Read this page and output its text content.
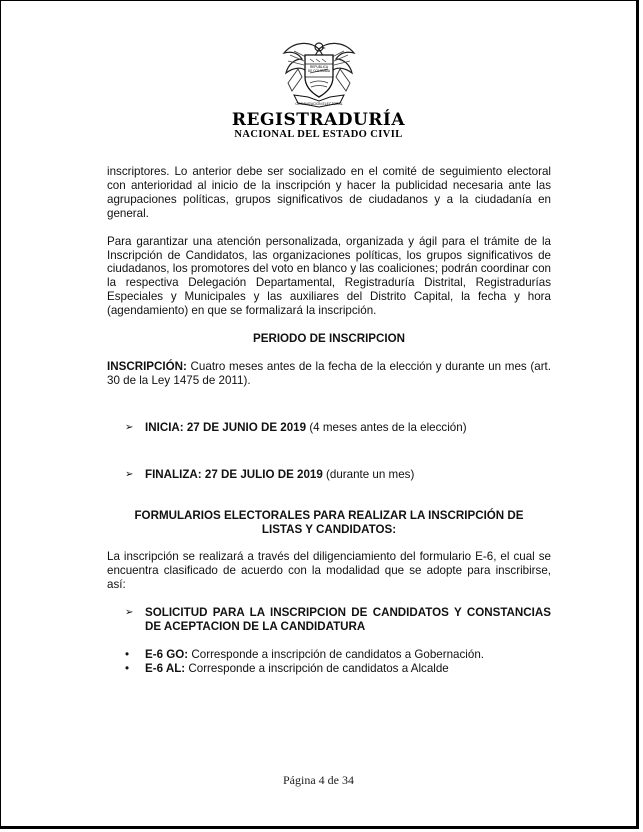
ORGANIZACION ELECTORAL
REPUBLICA
DE COLOMBIA
REGISTRADURÍA
NACIONAL DEL ESTADO CIVIL

inscriptores. Lo anterior debe ser socializado en el comité de seguimiento electoral con anterioridad al inicio de la inscripción y hacer la publicidad necesaria ante las agrupaciones políticas, grupos significativos de ciudadanos y a la ciudadanía en general.

Para garantizar una atención personalizada, organizada y ágil para el trámite de la Inscripción de Candidatos, las organizaciones políticas, los grupos significativos de ciudadanos, los promotores del voto en blanco y las coaliciones; podrán coordinar con la respectiva Delegación Departamental, Registraduría Distrital, Registradurías Especiales y Municipales y las auxiliares del Distrito Capital, la fecha y hora (agendamiento) en que se formalizará la inscripción.

PERIODO DE INSCRIPCION

INSCRIPCIÓN: Cuatro meses antes de la fecha de la elección y durante un mes (art. 30 de la Ley 1475 de 2011).

➢	INICIA: 27 DE JUNIO DE 2019 (4 meses antes de la elección)
➢	FINALIZA: 27 DE JULIO DE 2019 (durante un mes)

FORMULARIOS ELECTORALES PARA REALIZAR LA INSCRIPCIÓN DE
LISTAS Y CANDIDATOS:

La inscripción se realizará a través del diligenciamiento del formulario E-6, el cual se encuentra clasificado de acuerdo con la modalidad que se adopte para inscribirse, así:

➢	SOLICITUD PARA LA INSCRIPCION DE CANDIDATOS Y CONSTANCIAS DE ACEPTACION DE LA CANDIDATURA
•	E-6 GO: Corresponde a inscripción de candidatos a Gobernación.
•	E-6 AL: Corresponde a inscripción de candidatos a Alcalde
Página 4 de 34
